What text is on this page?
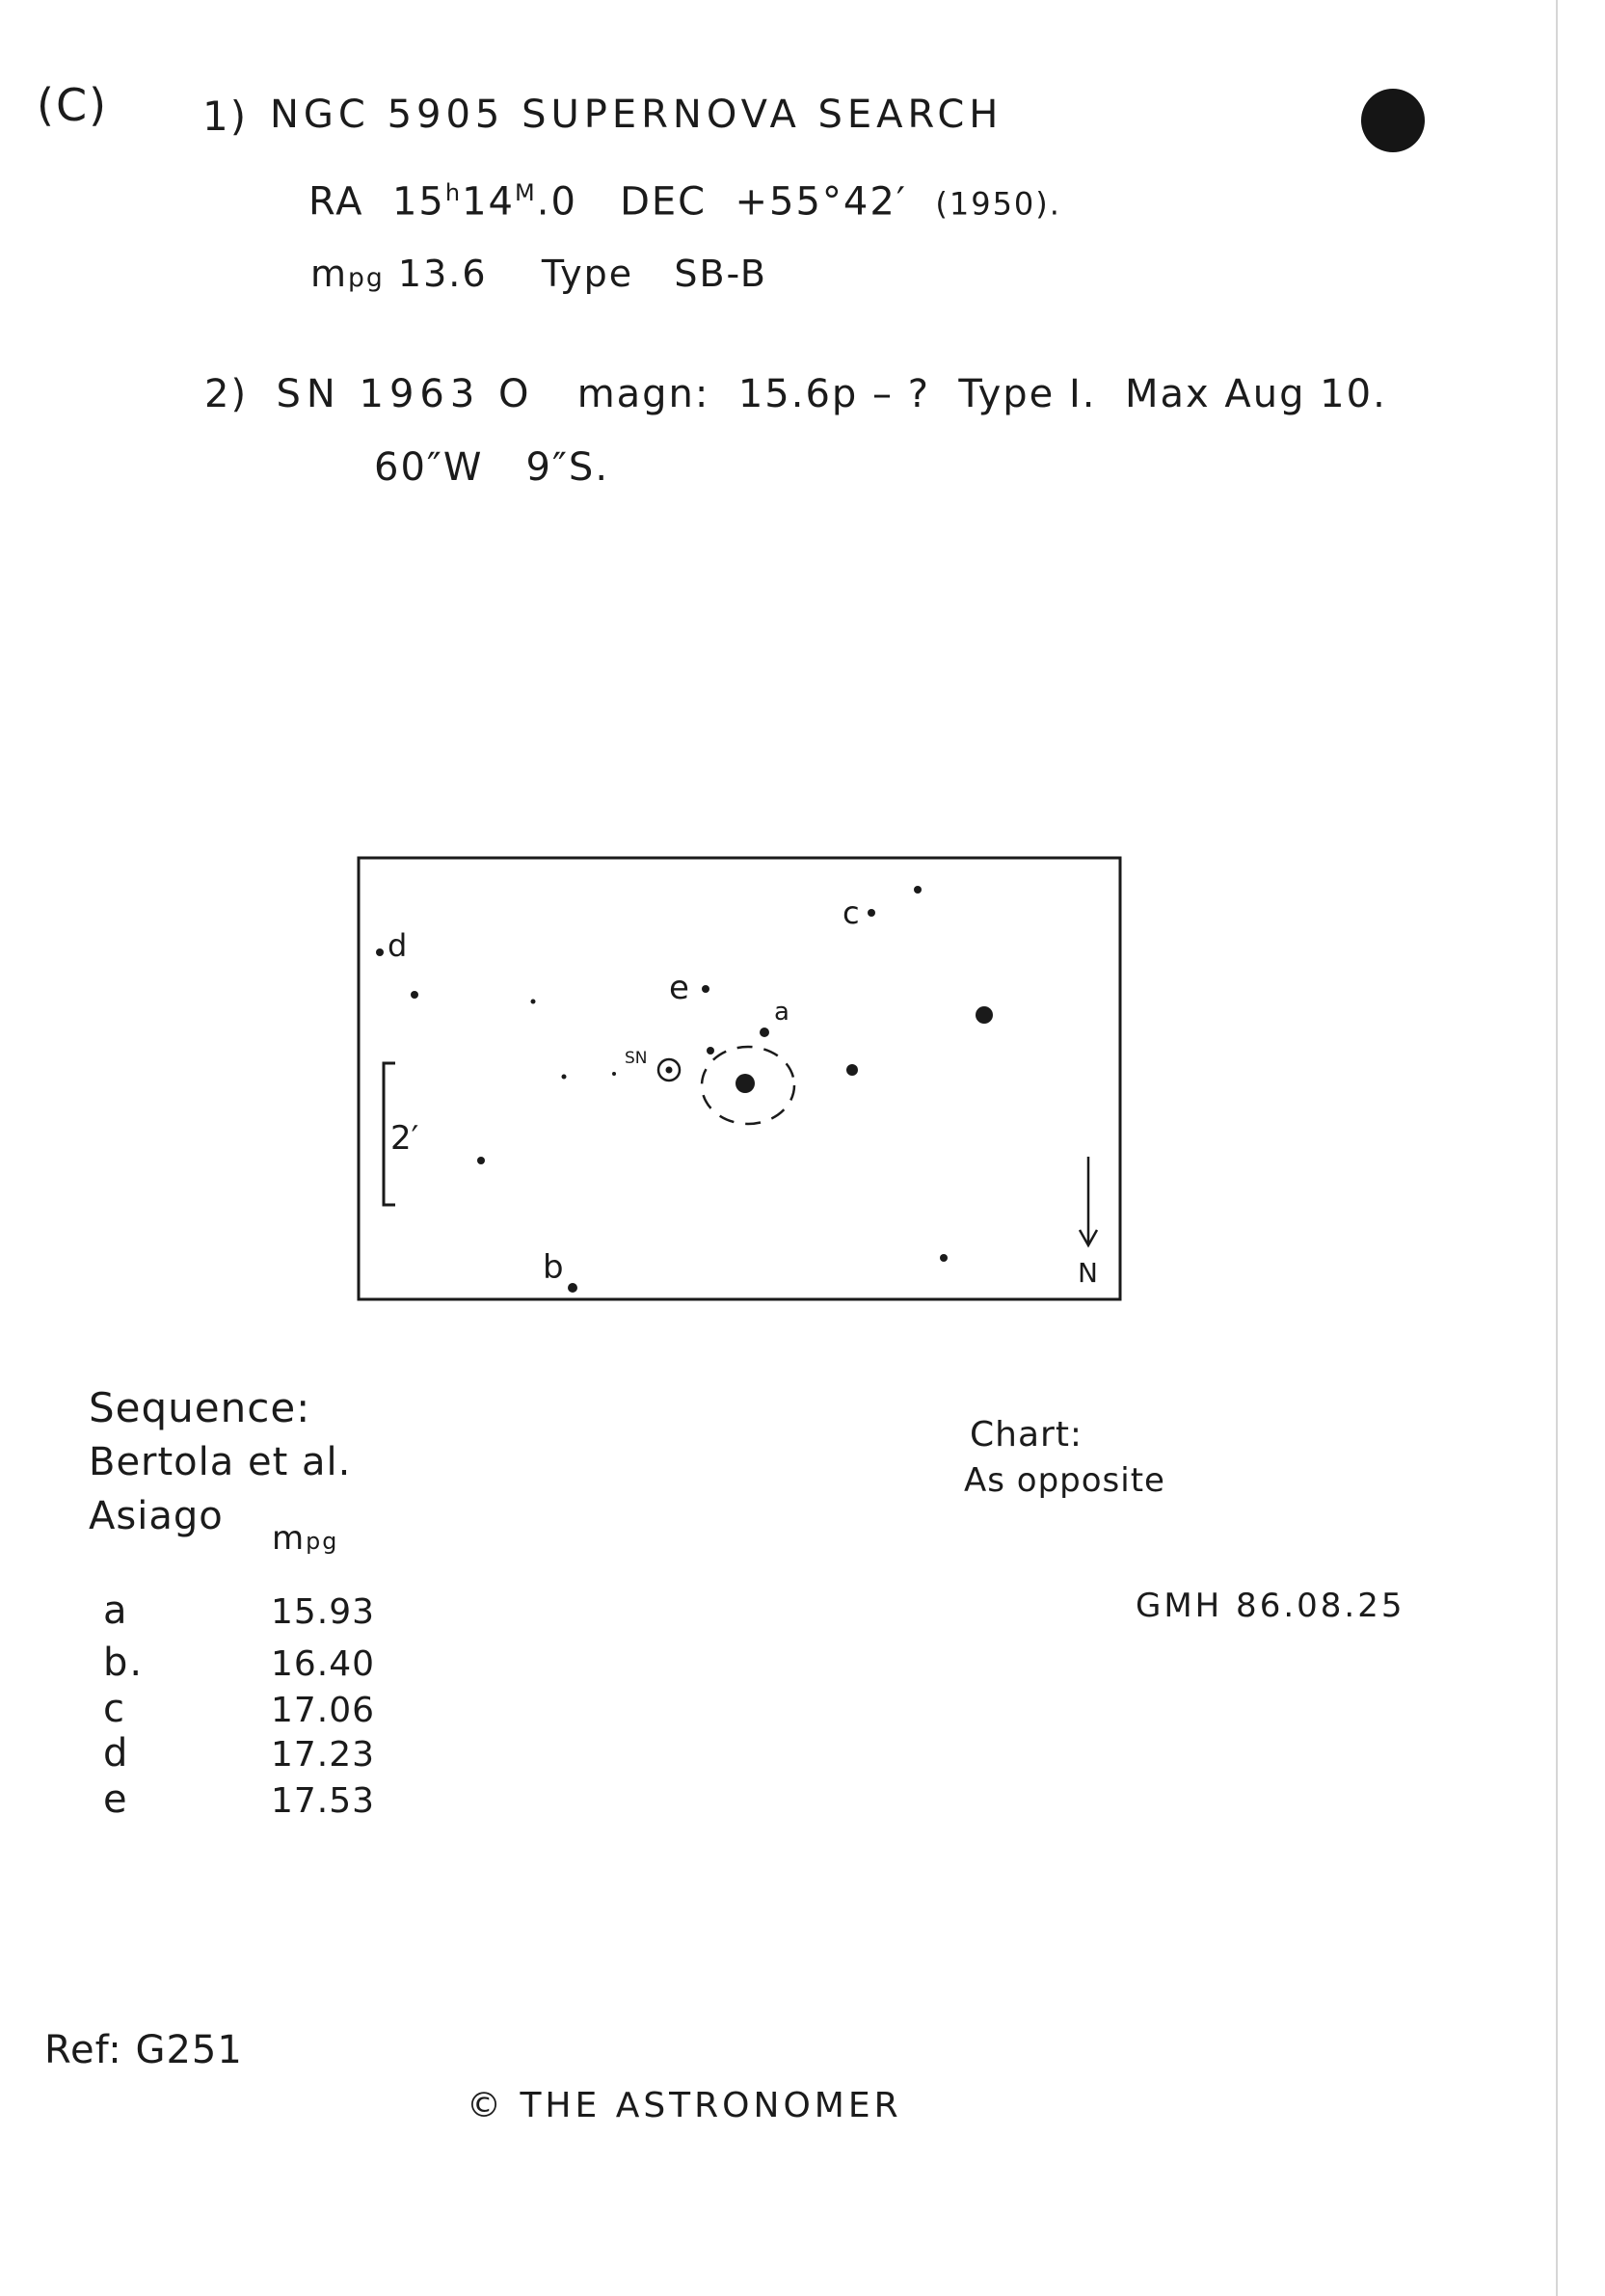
(C) 1) NGC 5905 SUPERNOVA SEARCH
RA $15^h14^M.0$ DEC +55°42′ (1950).
mpg 13.6 Type SB-B
2) SN 1963 O magn: 15.6p – ? Type I. Max Aug 10.
60″W   9″S.
a
b
c
d
e
SN
2′
N
Sequence:
Bertola et al.
Asiago mpg
a	15.93
b.	16.40
c	17.06
d	17.23
e	17.53
Chart:
As opposite
GMH 86.08.25
Ref: G251
© THE ASTRONOMER
